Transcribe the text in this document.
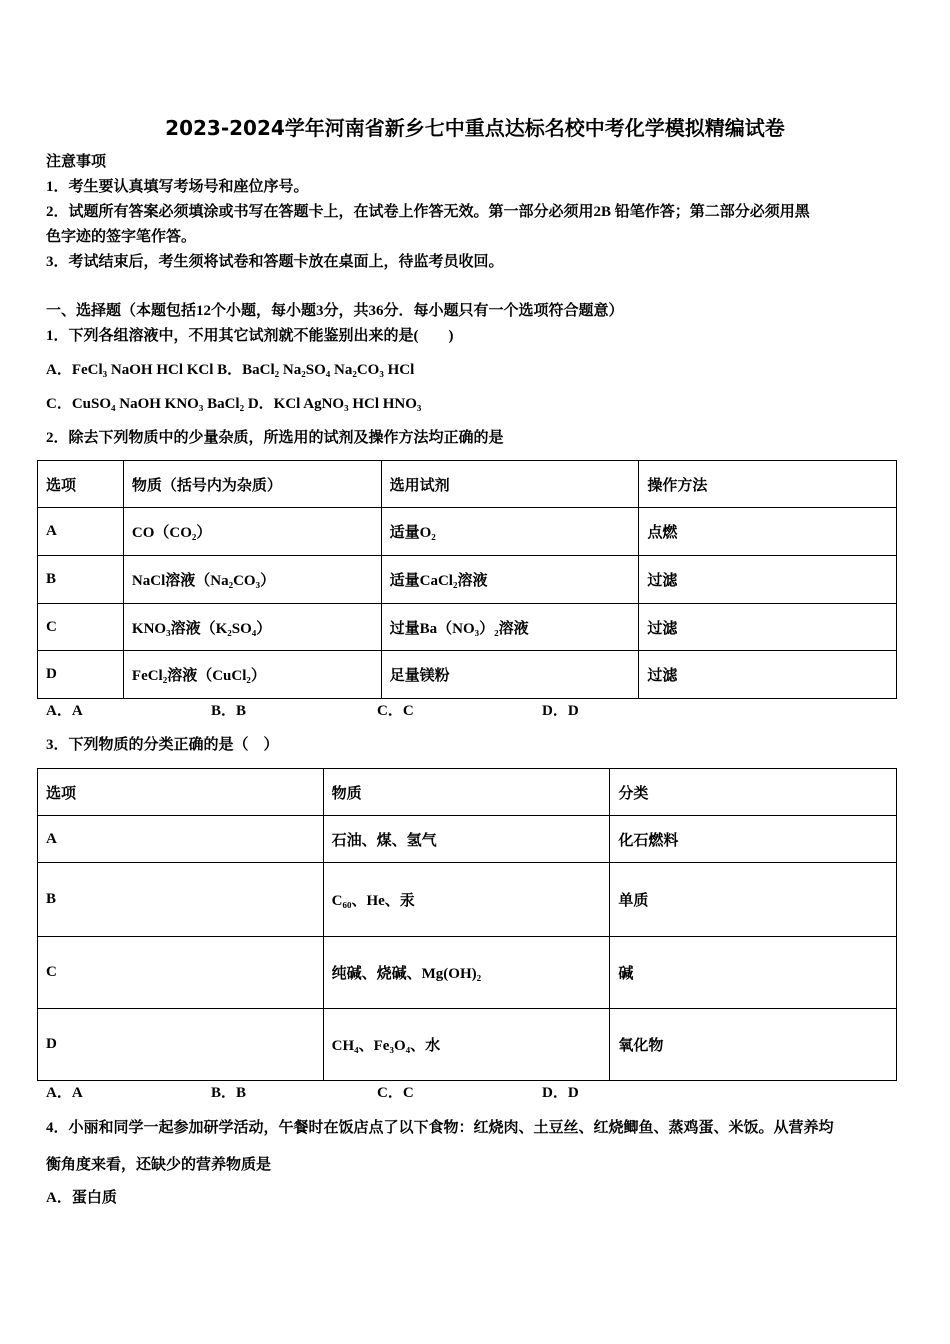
2023-2024学年河南省新乡七中重点达标名校中考化学模拟精编试卷
注意事项
1．考生要认真填写考场号和座位序号。
2．试题所有答案必须填涂或书写在答题卡上，在试卷上作答无效。第一部分必须用2B 铅笔作答；第二部分必须用黑
色字迹的签字笔作答。
3．考试结束后，考生须将试卷和答题卡放在桌面上，待监考员收回。
一、选择题（本题包括12个小题，每小题3分，共36分．每小题只有一个选项符合题意）
1．下列各组溶液中，不用其它试剂就不能鉴别出来的是(　　)
A．FeCl₃ NaOH HCl KCl B．BaCl₂ Na₂SO₄ Na₂CO₃ HCl
C．CuSO₄ NaOH KNO₃ BaCl₂ D．KCl AgNO₃ HCl HNO₃
2．除去下列物质中的少量杂质，所选用的试剂及操作方法均正确的是
选项	物质（括号内为杂质）	选用试剂	操作方法
A	CO（CO₂）	适量O₂	点燃
B	NaCl溶液（Na₂CO₃）	适量CaCl₂溶液	过滤
C	KNO₃溶液（K₂SO₄）	过量Ba（NO₃）₂溶液	过滤
D	FeCl₂溶液（CuCl₂）	足量镁粉	过滤
A．A	B．B	C．C	D．D
3．下列物质的分类正确的是（　）
选项	物质	分类
A	石油、煤、氢气	化石燃料
B	C₆₀、He、汞	单质
C	纯碱、烧碱、Mg(OH)₂	碱
D	CH₄、Fe₃O₄、水	氧化物
A．A	B．B	C．C	D．D
4．小丽和同学一起参加研学活动，午餐时在饭店点了以下食物：红烧肉、土豆丝、红烧鲫鱼、蒸鸡蛋、米饭。从营养均
衡角度来看，还缺少的营养物质是
A．蛋白质
